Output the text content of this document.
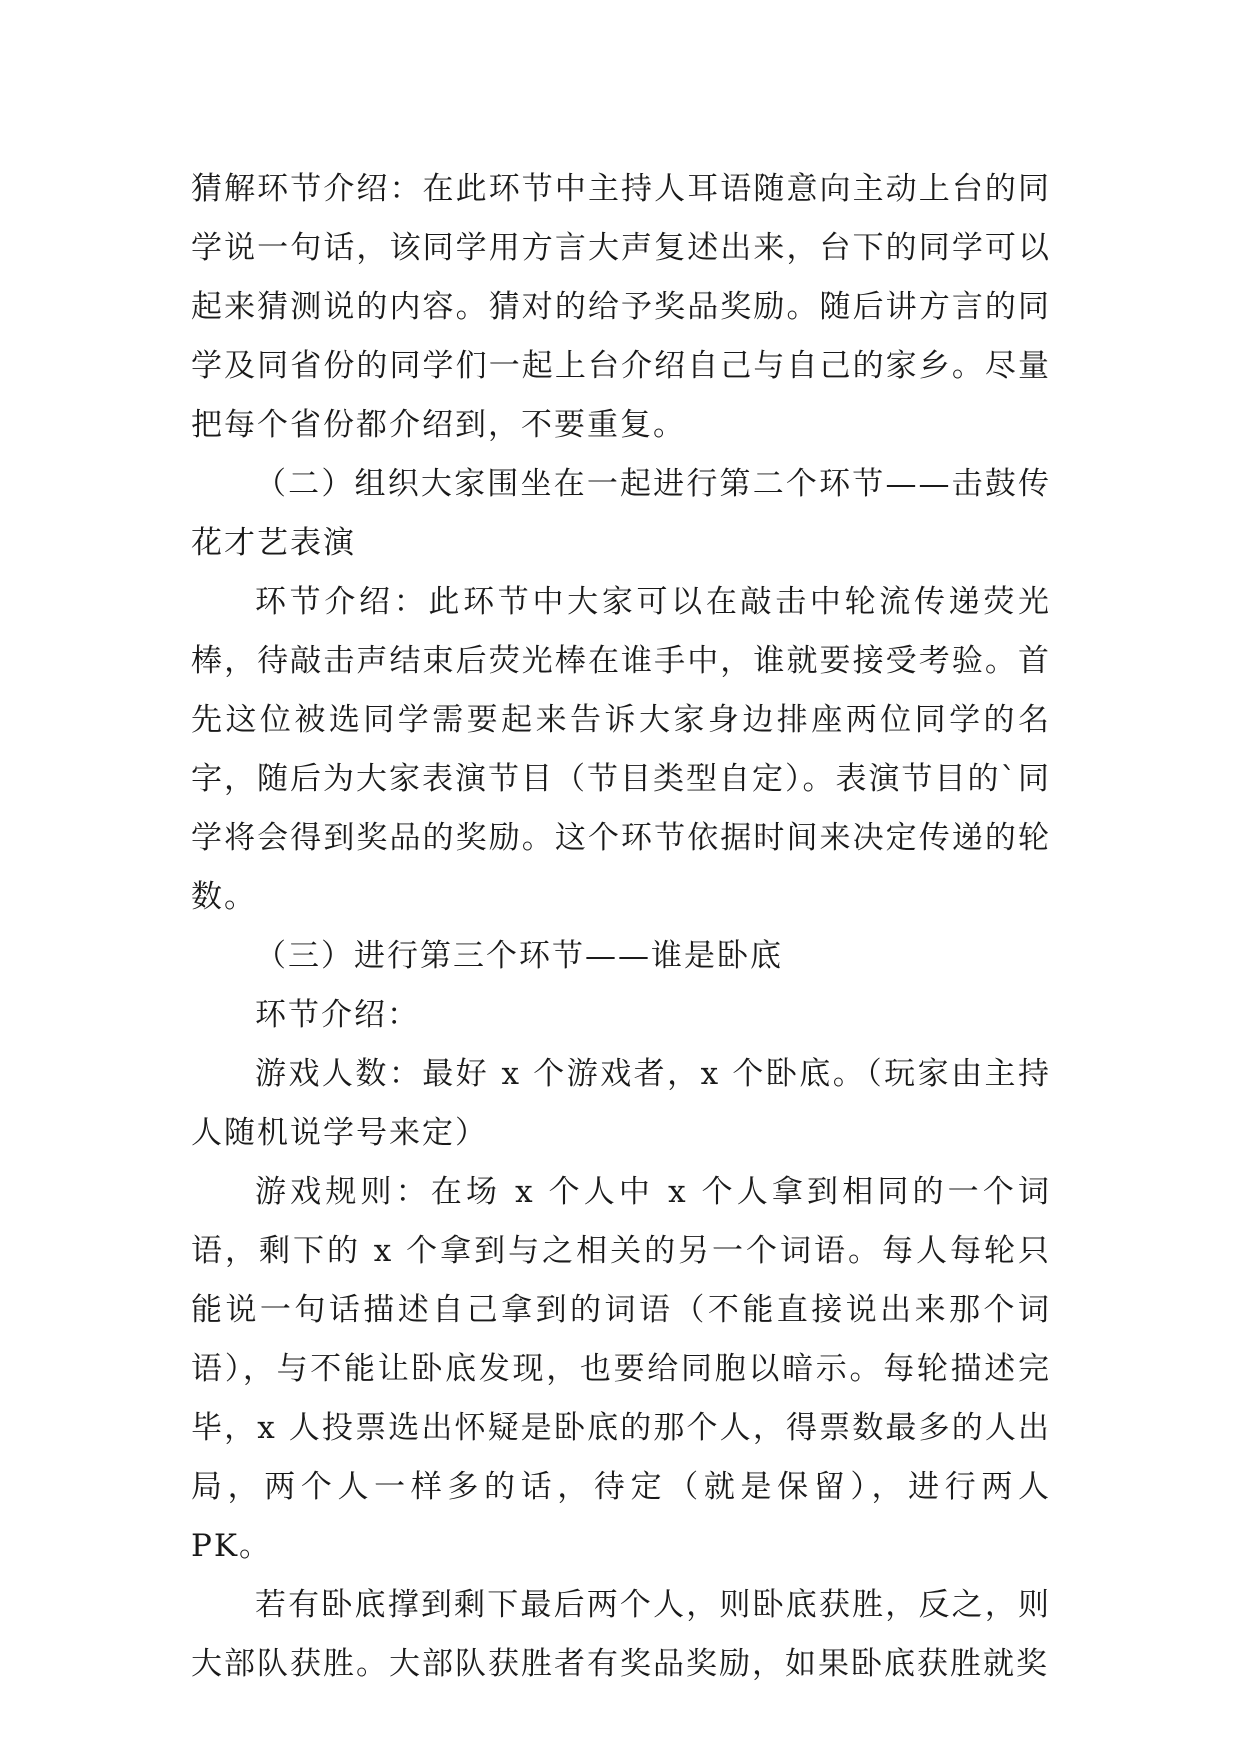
猜解环节介绍：在此环节中主持人耳语随意向主动上台的同学说一句话，该同学用方言大声复述出来，台下的同学可以起来猜测说的内容。猜对的给予奖品奖励。随后讲方言的同学及同省份的同学们一起上台介绍自己与自己的家乡。尽量把每个省份都介绍到，不要重复。

（二）组织大家围坐在一起进行第二个环节——击鼓传花才艺表演

环节介绍：此环节中大家可以在敲击中轮流传递荧光棒，待敲击声结束后荧光棒在谁手中，谁就要接受考验。首先这位被选同学需要起来告诉大家身边排座两位同学的名字，随后为大家表演节目（节目类型自定）。表演节目的`同学将会得到奖品的奖励。这个环节依据时间来决定传递的轮数。

（三）进行第三个环节——谁是卧底

环节介绍：

游戏人数：最好 x 个游戏者，x 个卧底。（玩家由主持人随机说学号来定）

游戏规则：在场 x 个人中 x 个人拿到相同的一个词语，剩下的 x 个拿到与之相关的另一个词语。每人每轮只能说一句话描述自己拿到的词语（不能直接说出来那个词语），与不能让卧底发现，也要给同胞以暗示。每轮描述完毕，x 人投票选出怀疑是卧底的那个人，得票数最多的人出局，两个人一样多的话，待定（就是保留），进行两人 PK。

若有卧底撑到剩下最后两个人，则卧底获胜，反之，则大部队获胜。大部队获胜者有奖品奖励，如果卧底获胜就奖
